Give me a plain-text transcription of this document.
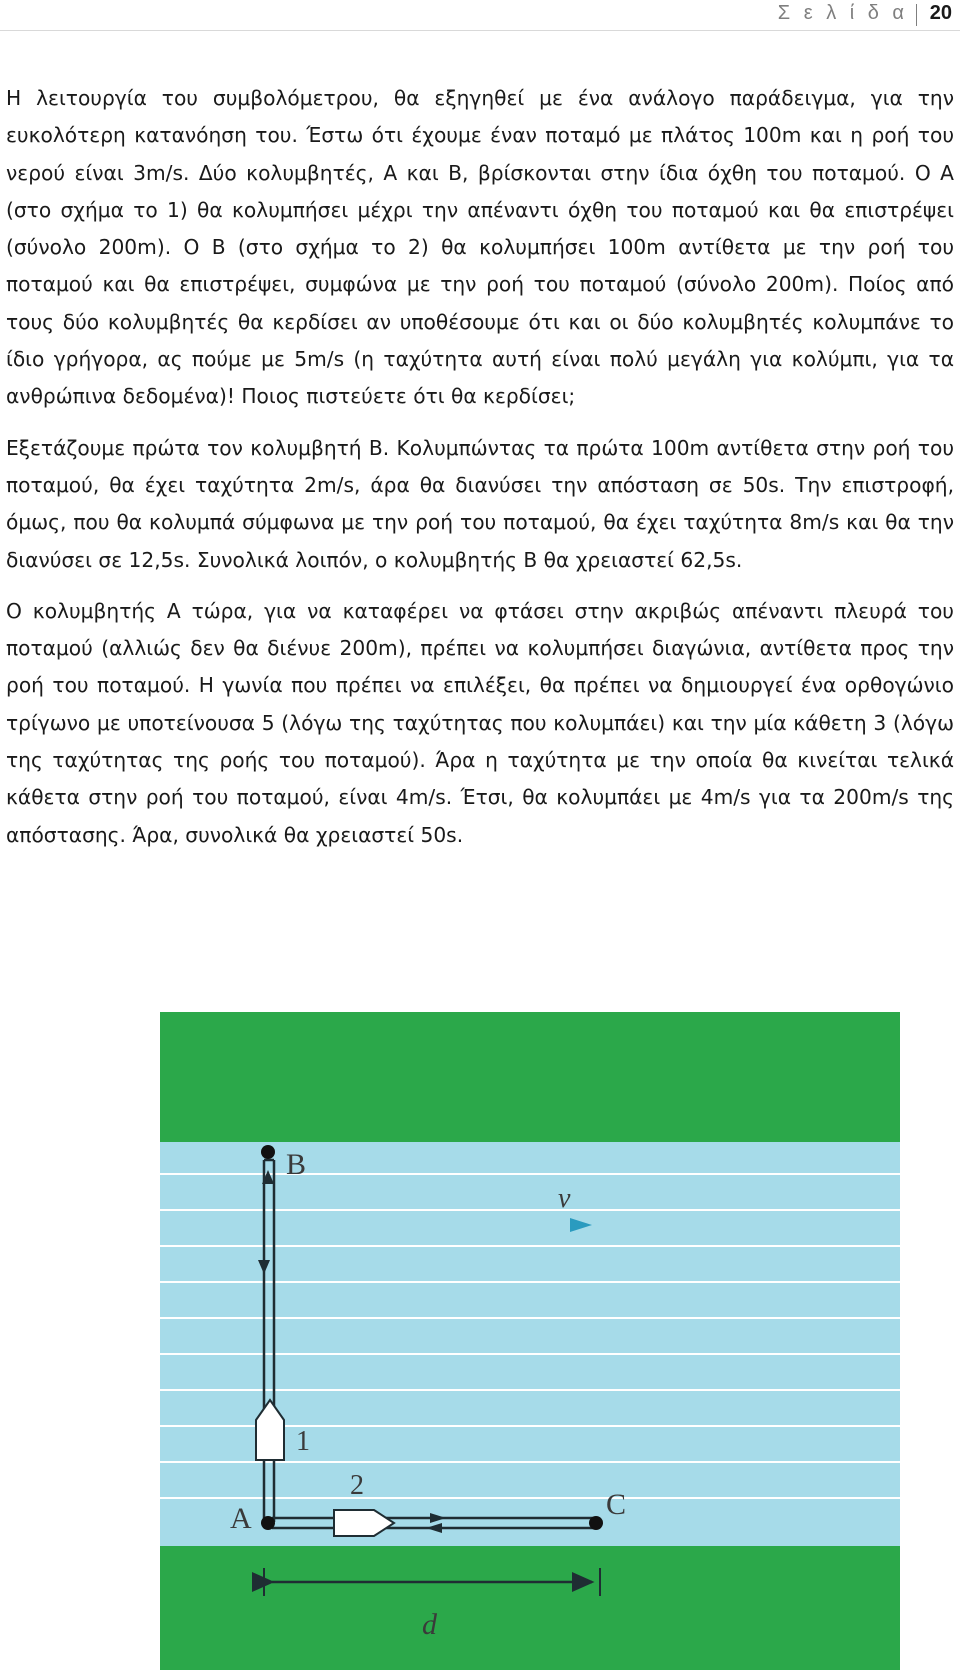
Σ ε λ ί δ α 20

Η λειτουργία του συμβολόμετρου, θα εξηγηθεί με ένα ανάλογο παράδειγμα, για την ευκολότερη κατανόηση του. Έστω ότι έχουμε έναν ποταμό με πλάτος 100m και η ροή του νερού είναι 3m/s. Δύο κολυμβητές, Α και Β, βρίσκονται στην ίδια όχθη του ποταμού. Ο Α (στο σχήμα το 1) θα κολυμπήσει μέχρι την απέναντι όχθη του ποταμού και θα επιστρέψει (σύνολο 200m). Ο Β (στο σχήμα το 2) θα κολυμπήσει 100m αντίθετα με την ροή του ποταμού και θα επιστρέψει, συμφώνα με την ροή του ποταμού (σύνολο 200m). Ποίος από τους δύο κολυμβητές θα κερδίσει αν υποθέσουμε ότι και οι δύο κολυμβητές κολυμπάνε το ίδιο γρήγορα, ας πούμε με 5m/s (η ταχύτητα αυτή είναι πολύ μεγάλη για κολύμπι, για τα ανθρώπινα δεδομένα)! Ποιος πιστεύετε ότι θα κερδίσει;

Εξετάζουμε πρώτα τον κολυμβητή Β. Κολυμπώντας τα πρώτα 100m αντίθετα στην ροή του ποταμού, θα έχει ταχύτητα 2m/s, άρα θα διανύσει την απόσταση σε 50s. Την επιστροφή, όμως, που θα κολυμπά σύμφωνα με την ροή του ποταμού, θα έχει ταχύτητα 8m/s και θα την διανύσει σε 12,5s. Συνολικά λοιπόν, ο κολυμβητής Β θα χρειαστεί 62,5s.

Ο κολυμβητής Α τώρα, για να καταφέρει να φτάσει στην ακριβώς απέναντι πλευρά του ποταμού (αλλιώς δεν θα διένυε 200m), πρέπει να κολυμπήσει διαγώνια, αντίθετα προς την ροή του ποταμού. Η γωνία που πρέπει να επιλέξει, θα πρέπει να δημιουργεί ένα ορθογώνιο τρίγωνο με υποτείνουσα 5 (λόγω της ταχύτητας που κολυμπάει) και την μία κάθετη 3 (λόγω της ταχύτητας της ροής του ποταμού). Άρα η ταχύτητα με την οποία θα κινείται τελικά κάθετα στην ροή του ποταμού, είναι 4m/s. Έτσι, θα κολυμπάει με 4m/s για τα 200m/s της απόστασης. Άρα, συνολικά θα χρειαστεί 50s.

v
B
1
2
A	C
d
